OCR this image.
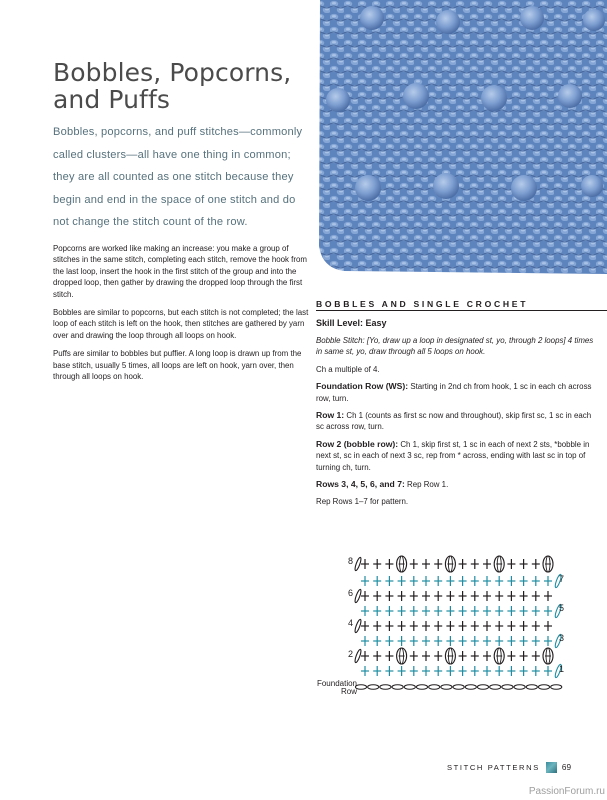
Bobbles, Popcorns,
and Puffs

Bobbles, popcorns, and puff stitches—commonly called clusters—all have one thing in common; they are all counted as one stitch because they begin and end in the space of one stitch and do not change the stitch count of the row.

Popcorns are worked like making an increase: you make a group of stitches in the same stitch, completing each stitch, remove the hook from the last loop, insert the hook in the first stitch of the group and into the dropped loop, then gather by drawing the dropped loop through the first stitch.

Bobbles are similar to popcorns, but each stitch is not completed; the last loop of each stitch is left on the hook, then stitches are gathered by yarn over and drawing the loop through all loops on hook.

Puffs are similar to bobbles but puffier. A long loop is drawn up from the base stitch, usually 5 times, all loops are left on hook, yarn over, then through all loops on hook.

BOBBLES AND SINGLE CROCHET
Skill Level: Easy

Bobble Stitch: [Yo, draw up a loop in designated st, yo, through 2 loops] 4 times in same st, yo, draw through all 5 loops on hook.

Ch a multiple of 4.

Foundation Row (WS): Starting in 2nd ch from hook, 1 sc in each ch across row, turn.

Row 1: Ch 1 (counts as first sc now and throughout), skip first sc, 1 sc in each sc across row, turn.

Row 2 (bobble row): Ch 1, skip first st, 1 sc in each of next 2 sts, *bobble in next st, sc in each of next 3 sc, rep from * across, ending with last sc in top of turning ch, turn.

Rows 3, 4, 5, 6, and 7: Rep Row 1.

Rep Rows 1–7 for pattern.

8
6
4
2
7
5
3
1
Foundation
Row
STITCH PATTERNS	69
PassionForum.ru
